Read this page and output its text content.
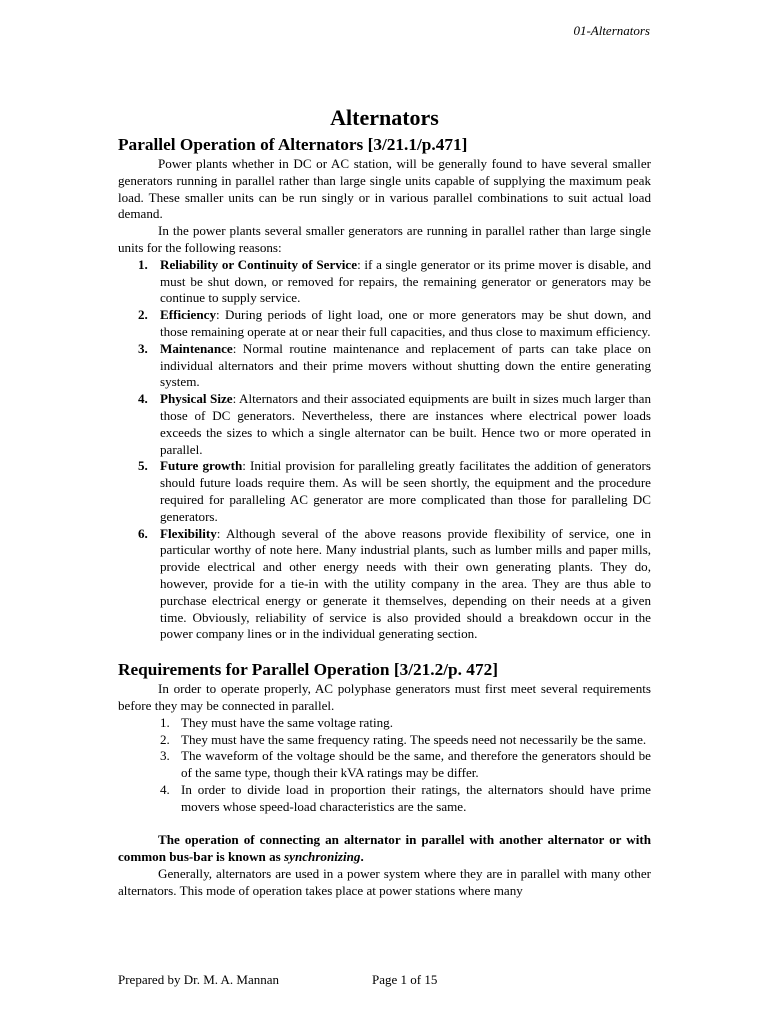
01-Alternators
Alternators
Parallel Operation of Alternators [3/21.1/p.471]

Power plants whether in DC or AC station, will be generally found to have several smaller generators running in parallel rather than large single units capable of supplying the maximum peak load. These smaller units can be run singly or in various parallel combinations to suit actual load demand.

In the power plants several smaller generators are running in parallel rather than large single units for the following reasons:

1. Reliability or Continuity of Service: if a single generator or its prime mover is disable, and must be shut down, or removed for repairs, the remaining generator or generators may be continue to supply service.
2. Efficiency: During periods of light load, one or more generators may be shut down, and those remaining operate at or near their full capacities, and thus close to maximum efficiency.
3. Maintenance: Normal routine maintenance and replacement of parts can take place on individual alternators and their prime movers without shutting down the entire generating system.
4. Physical Size: Alternators and their associated equipments are built in sizes much larger than those of DC generators. Nevertheless, there are instances where electrical power loads exceeds the sizes to which a single alternator can be built. Hence two or more operated in parallel.
5. Future growth: Initial provision for paralleling greatly facilitates the addition of generators should future loads require them. As will be seen shortly, the equipment and the procedure required for paralleling AC generator are more complicated than those for paralleling DC generators.
6. Flexibility: Although several of the above reasons provide flexibility of service, one in particular worthy of note here. Many industrial plants, such as lumber mills and paper mills, provide electrical and other energy needs with their own generating plants. They do, however, provide for a tie-in with the utility company in the area. They are thus able to purchase electrical energy or generate it themselves, depending on their needs at a given time. Obviously, reliability of service is also provided should a breakdown occur in the power company lines or in the individual generating section.
Requirements for Parallel Operation [3/21.2/p. 472]

In order to operate properly, AC polyphase generators must first meet several requirements before they may be connected in parallel.

1. They must have the same voltage rating.
2. They must have the same frequency rating. The speeds need not necessarily be the same.
3. The waveform of the voltage should be the same, and therefore the generators should be of the same type, though their kVA ratings may be differ.
4. In order to divide load in proportion their ratings, the alternators should have prime movers whose speed-load characteristics are the same.

The operation of connecting an alternator in parallel with another alternator or with common bus-bar is known as synchronizing.

Generally, alternators are used in a power system where they are in parallel with many other alternators. This mode of operation takes place at power stations where many

Prepared by Dr. M. A. Mannan	Page 1 of 15
